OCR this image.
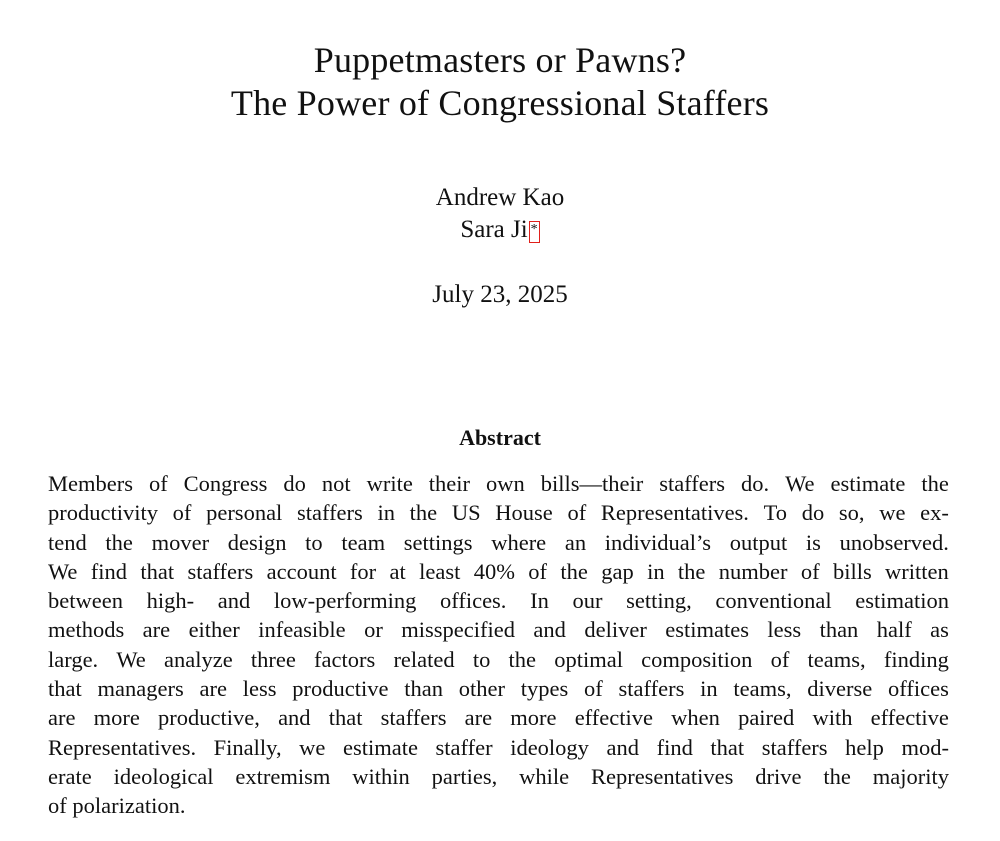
Puppetmasters or Pawns?
The Power of Congressional Staffers
Andrew Kao
Sara Ji *
July 23, 2025
Abstract
Members of Congress do not write their own bills—their staffers do. We estimate the
productivity of personal staffers in the US House of Representatives. To do so, we ex-
tend the mover design to team settings where an individual’s output is unobserved.
We find that staffers account for at least 40% of the gap in the number of bills written
between high- and low-performing offices. In our setting, conventional estimation
methods are either infeasible or misspecified and deliver estimates less than half as
large. We analyze three factors related to the optimal composition of teams, finding
that managers are less productive than other types of staffers in teams, diverse offices
are more productive, and that staffers are more effective when paired with effective
Representatives. Finally, we estimate staffer ideology and find that staffers help mod-
erate ideological extremism within parties, while Representatives drive the majority
of polarization.
